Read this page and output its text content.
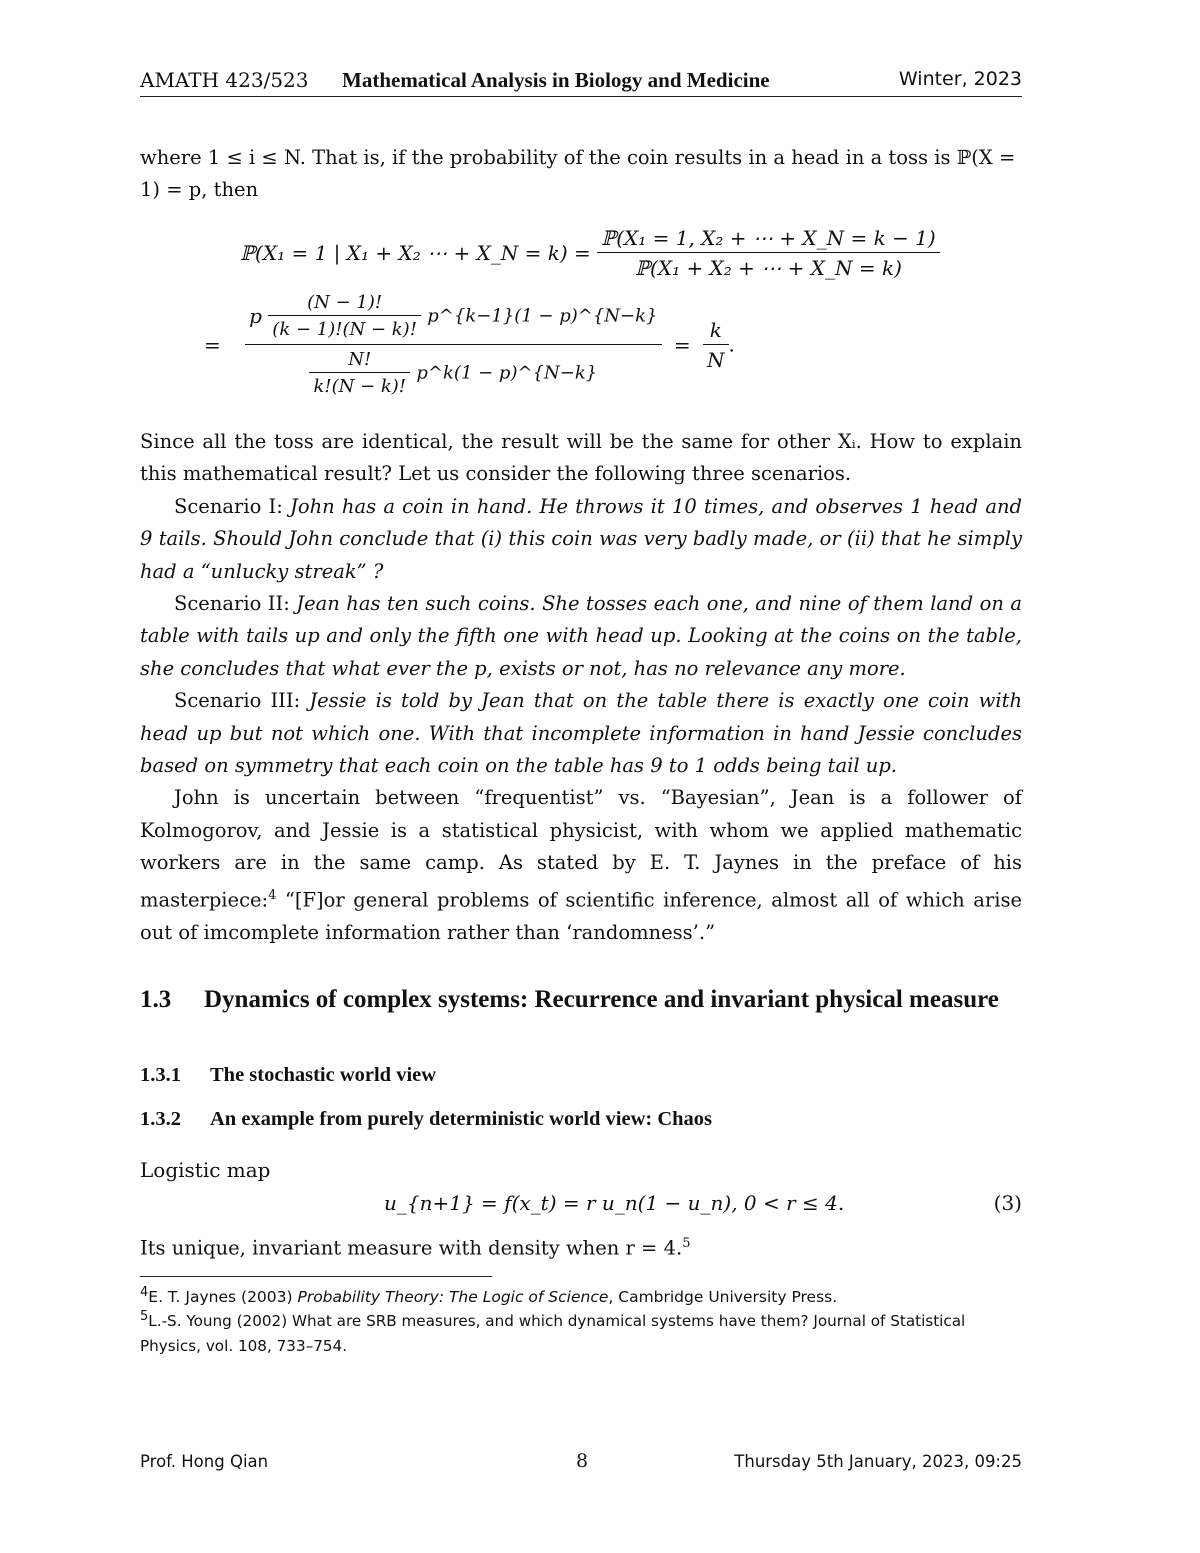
AMATH 423/523 Mathematical Analysis in Biology and Medicine	Winter, 2023

where 1 ≤ i ≤ N. That is, if the probability of the coin results in a head in a toss is ℙ(X =

1) = p, then

ℙ(X₁ = 1 | X₁ + X₂ ⋯ + X_N = $k) = \frac{\text{ℙ(X₁ = 1, X₂ + ⋯ + X\_N = k − 1)}}{\text{ℙ(X₁ + X₂ + ⋯ + X\_N = k)}}$
=
p $\frac{(N - 1)!}{(k - 1)!(N - k)!}$ p^{k−1}(1 − p)^{N−k}
$\frac{N!}{k!(N - k)!}$ p^k(1 − p)^{N−k}
= $\frac{k}{N}$ .

Since all the toss are identical, the result will be the same for other Xᵢ. How to explain this mathematical result? Let us consider the following three scenarios.

Scenario I: John has a coin in hand. He throws it 10 times, and observes 1 head and 9 tails. Should John conclude that (i) this coin was very badly made, or (ii) that he simply had a “unlucky streak” ?

Scenario II: Jean has ten such coins. She tosses each one, and nine of them land on a table with tails up and only the fifth one with head up. Looking at the coins on the table, she concludes that what ever the p, exists or not, has no relevance any more.

Scenario III: Jessie is told by Jean that on the table there is exactly one coin with head up but not which one. With that incomplete information in hand Jessie concludes based on symmetry that each coin on the table has 9 to 1 odds being tail up.

John is uncertain between “frequentist” vs. “Bayesian”, Jean is a follower of Kolmogorov, and Jessie is a statistical physicist, with whom we applied mathematic workers are in the same camp. As stated by E. T. Jaynes in the preface of his masterpiece:$^4$ “[F]or general problems of scientific inference, almost all of which arise out of imcomplete information rather than ‘randomness’.”

1.3 Dynamics of complex systems: Recurrence and invariant physical measure
1.3.1 The stochastic world view
1.3.2 An example from purely deterministic world view: Chaos
Logistic map
u_{n+1} = f(x_t) = r u_n(1 − u_n), 0 < r ≤ 4.	(3)
Its unique, invariant measure with density when r = 4.$^5$
$^4$E. T. Jaynes (2003) Probability Theory: The Logic of Science, Cambridge University Press.
$^5$L.-S. Young (2002) What are SRB measures, and which dynamical systems have them? Journal of Statistical Physics, vol. 108, 733–754.
Prof. Hong Qian	8	Thursday 5th January, 2023, 09:25
